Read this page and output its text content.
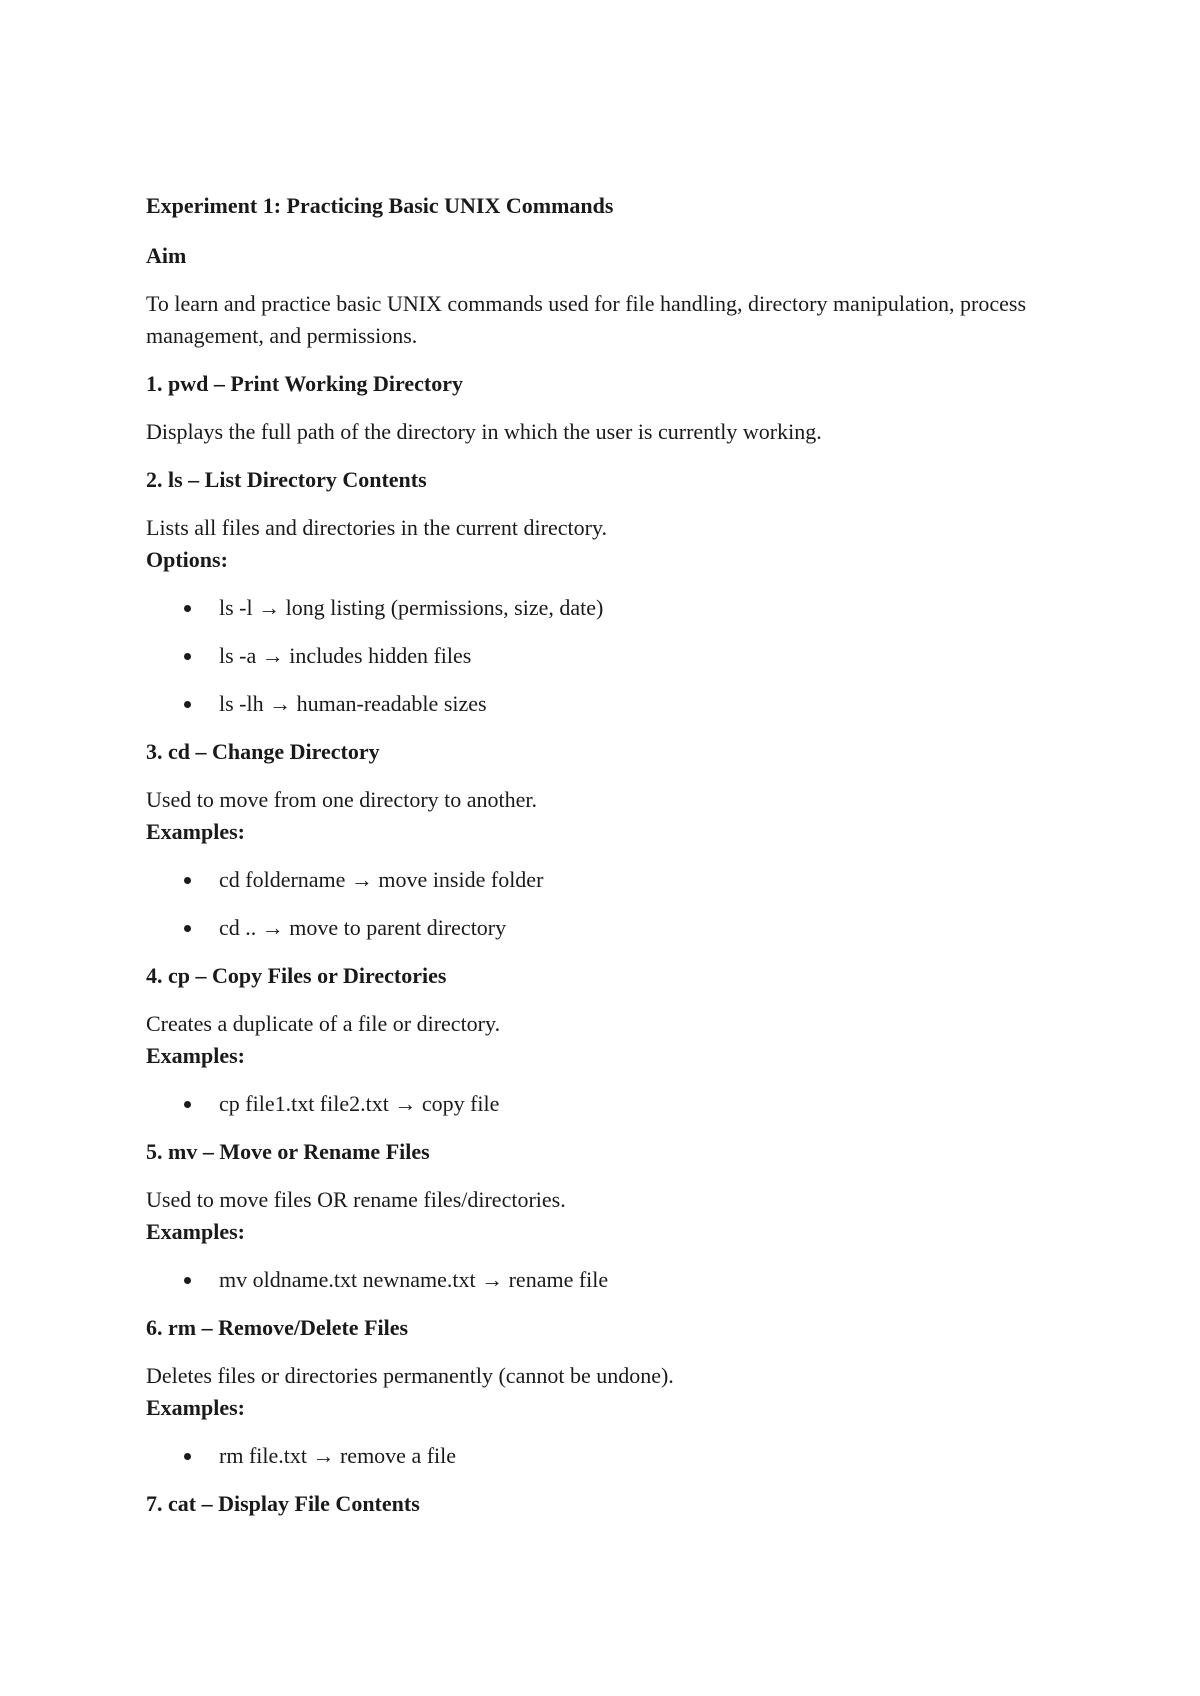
Experiment 1: Practicing Basic UNIX Commands
Aim
To learn and practice basic UNIX commands used for file handling, directory manipulation, process management, and permissions.
1. pwd – Print Working Directory
Displays the full path of the directory in which the user is currently working.
2. ls – List Directory Contents
Lists all files and directories in the current directory.
Options:
ls -l → long listing (permissions, size, date)
ls -a → includes hidden files
ls -lh → human-readable sizes
3. cd – Change Directory
Used to move from one directory to another.
Examples:
cd foldername → move inside folder
cd .. → move to parent directory
4. cp – Copy Files or Directories
Creates a duplicate of a file or directory.
Examples:
cp file1.txt file2.txt → copy file
5. mv – Move or Rename Files
Used to move files OR rename files/directories.
Examples:
mv oldname.txt newname.txt → rename file
6. rm – Remove/Delete Files
Deletes files or directories permanently (cannot be undone).
Examples:
rm file.txt → remove a file
7. cat – Display File Contents
